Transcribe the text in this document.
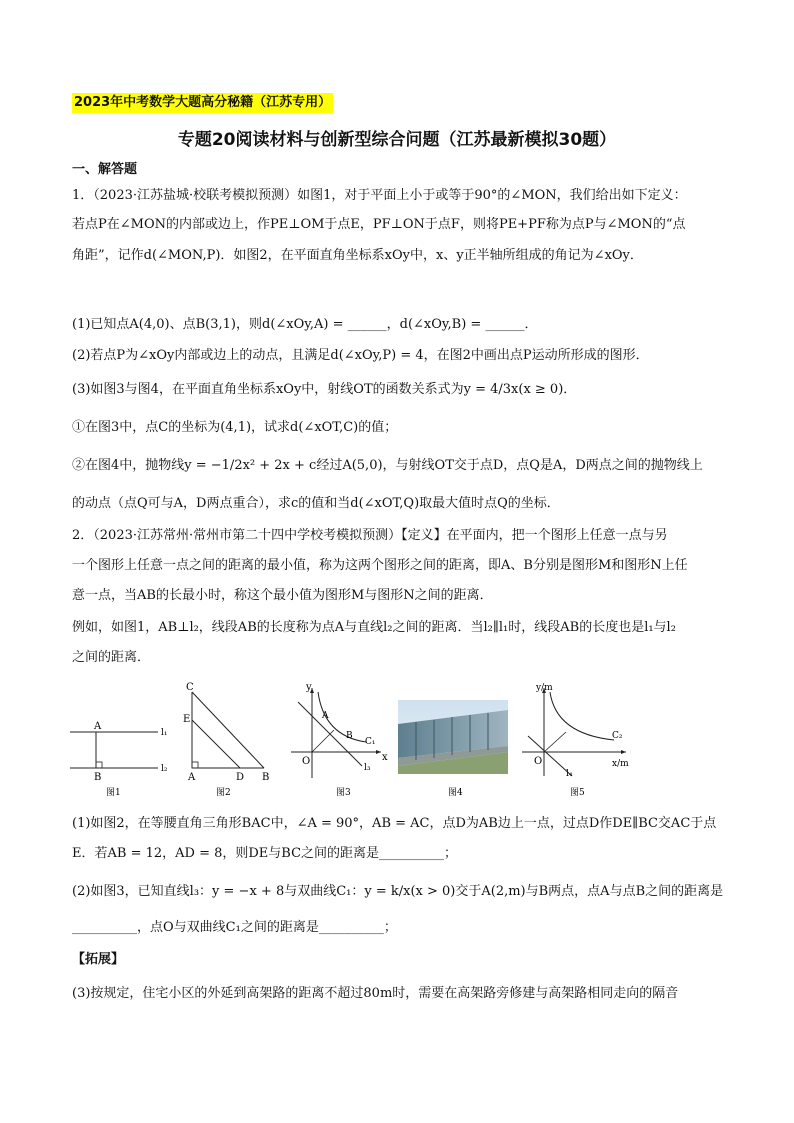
2023年中考数学大题高分秘籍（江苏专用）
专题20阅读材料与创新型综合问题（江苏最新模拟30题）
一、解答题
1．（2023·江苏盐城·校联考模拟预测）如图1，对于平面上小于或等于90°的∠MON，我们给出如下定义：
若点P在∠MON的内部或边上，作PE⊥OM于点E，PF⊥ON于点F，则将PE+PF称为点P与∠MON的“点
角距”，记作d(∠MON,P)．如图2，在平面直角坐标系xOy中，x、y正半轴所组成的角记为∠xOy．
(1)已知点A(4,0)、点B(3,1)，则d(∠xOy,A) = ______，d(∠xOy,B) = ______．
(2)若点P为∠xOy内部或边上的动点，且满足d(∠xOy,P) = 4，在图2中画出点P运动所形成的图形．
(3)如图3与图4，在平面直角坐标系xOy中，射线OT的函数关系式为y = 4/3x(x ≥ 0)．
①在图3中，点C的坐标为(4,1)，试求d(∠xOT,C)的值；
②在图4中，抛物线y = −1/2x² + 2x + c经过A(5,0)，与射线OT交于点D，点Q是A，D两点之间的抛物线上
的动点（点Q可与A，D两点重合），求c的值和当d(∠xOT,Q)取最大值时点Q的坐标．
2．（2023·江苏常州·常州市第二十四中学校考模拟预测）【定义】在平面内，把一个图形上任意一点与另
一个图形上任意一点之间的距离的最小值，称为这两个图形之间的距离，即A、B分别是图形M和图形N上任
意一点，当AB的长最小时，称这个最小值为图形M与图形N之间的距离．
例如，如图1，AB⊥l₂，线段AB的长度称为点A与直线l₂之间的距离．当l₂∥l₁时，线段AB的长度也是l₁与l₂
之间的距离．
A
B
l₁
l₂
图1
C
E
A	D B
图2
y
x
O
A
B
C₁
l₃
图3	图4
y/m
x/m
O
C₂
l₄
图5
(1)如图2，在等腰直角三角形BAC中，∠A = 90°，AB = AC，点D为AB边上一点，过点D作DE∥BC交AC于点
E．若AB = 12，AD = 8，则DE与BC之间的距离是__________；
(2)如图3，已知直线l₃：y = −x + 8与双曲线C₁：y = k/x(x > 0)交于A(2,m)与B两点，点A与点B之间的距离是
__________，点O与双曲线C₁之间的距离是__________；
【拓展】
(3)按规定，住宅小区的外延到高架路的距离不超过80m时，需要在高架路旁修建与高架路相同走向的隔音
